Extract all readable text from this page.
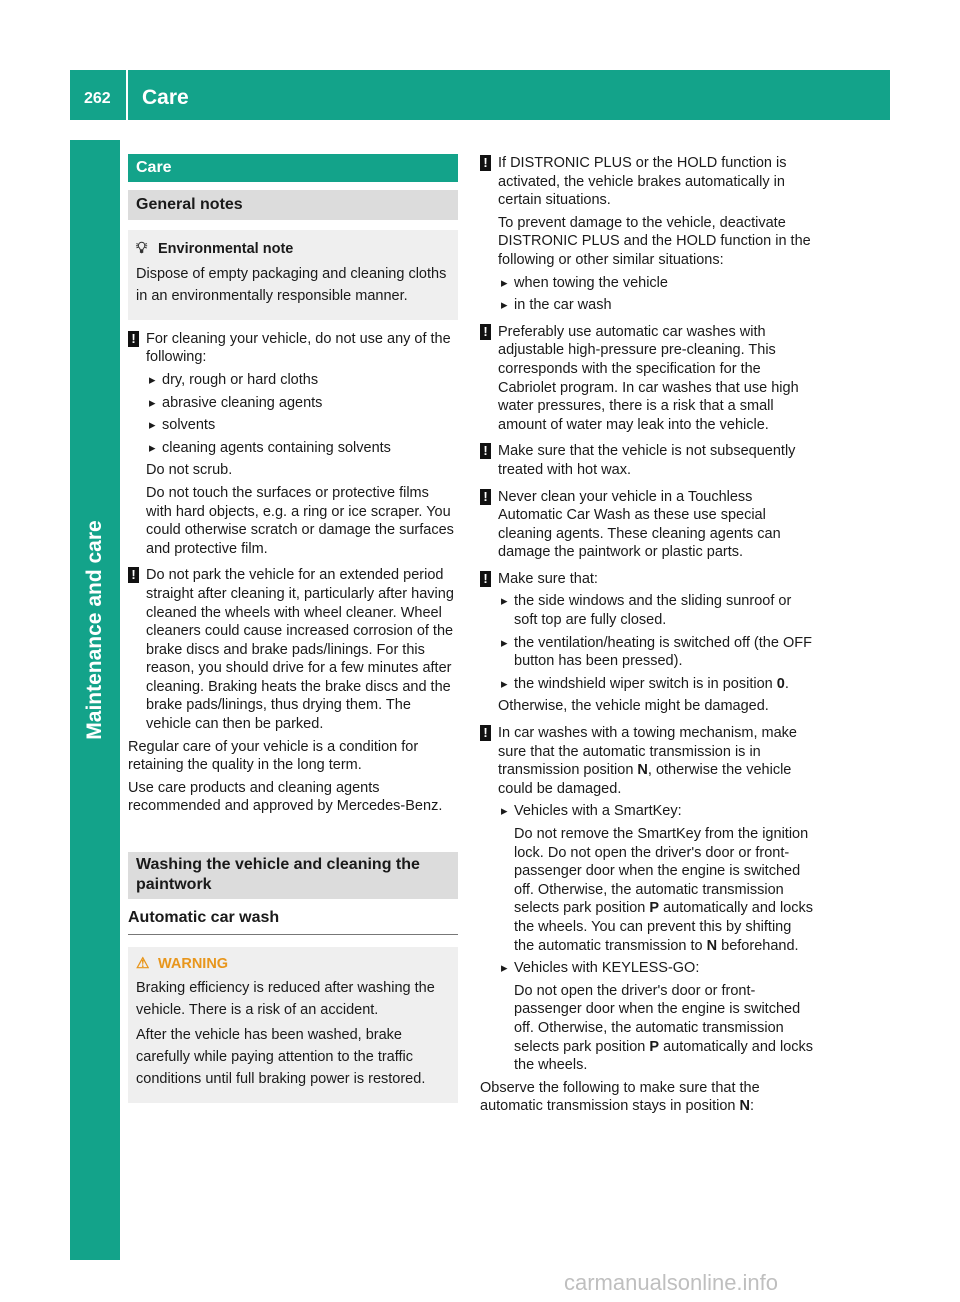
262 Care
Maintenance and care
Care
General notes
💡︎ Environmental note

Dispose of empty packaging and cleaning cloths in an environmentally responsible manner.

! For cleaning your vehicle, do not use any of the following:
▸ dry, rough or hard cloths
▸ abrasive cleaning agents
▸ solvents
▸ cleaning agents containing solvents
Do not scrub.
Do not touch the surfaces or protective films with hard objects, e.g. a ring or ice scraper. You could otherwise scratch or damage the surfaces and protective film.
! Do not park the vehicle for an extended period straight after cleaning it, particularly after having cleaned the wheels with wheel cleaner. Wheel cleaners could cause increased corrosion of the brake discs and brake pads/linings. For this reason, you should drive for a few minutes after cleaning. Braking heats the brake discs and the brake pads/linings, thus drying them. The vehicle can then be parked.
Regular care of your vehicle is a condition for retaining the quality in the long term.
Use care products and cleaning agents recommended and approved by Mercedes-Benz.
Washing the vehicle and cleaning the paintwork
Automatic car wash
⚠︎ WARNING

Braking efficiency is reduced after washing the vehicle. There is a risk of an accident.

After the vehicle has been washed, brake carefully while paying attention to the traffic conditions until full braking power is restored.

! If DISTRONIC PLUS or the HOLD function is activated, the vehicle brakes automatically in certain situations.
To prevent damage to the vehicle, deactivate DISTRONIC PLUS and the HOLD function in the following or other similar situations:
▸ when towing the vehicle
▸ in the car wash
! Preferably use automatic car washes with adjustable high-pressure pre-cleaning. This corresponds with the specification for the Cabriolet program. In car washes that use high water pressures, there is a risk that a small amount of water may leak into the vehicle.
! Make sure that the vehicle is not subsequently treated with hot wax.
! Never clean your vehicle in a Touchless Automatic Car Wash as these use special cleaning agents. These cleaning agents can damage the paintwork or plastic parts.
! Make sure that:
▸ the side windows and the sliding sunroof or soft top are fully closed.
▸ the ventilation/heating is switched off (the OFF button has been pressed).
▸ the windshield wiper switch is in position 0.
Otherwise, the vehicle might be damaged.
! In car washes with a towing mechanism, make sure that the automatic transmission is in transmission position N, otherwise the vehicle could be damaged.
▸ Vehicles with a SmartKey:
Do not remove the SmartKey from the ignition lock. Do not open the driver's door or front-passenger door when the engine is switched off. Otherwise, the automatic transmission selects park position P automatically and locks the wheels. You can prevent this by shifting the automatic transmission to N beforehand.
▸ Vehicles with KEYLESS-GO:
Do not open the driver's door or front-passenger door when the engine is switched off. Otherwise, the automatic transmission selects park position P automatically and locks the wheels.
Observe the following to make sure that the automatic transmission stays in position N:
carmanualsonline.info
